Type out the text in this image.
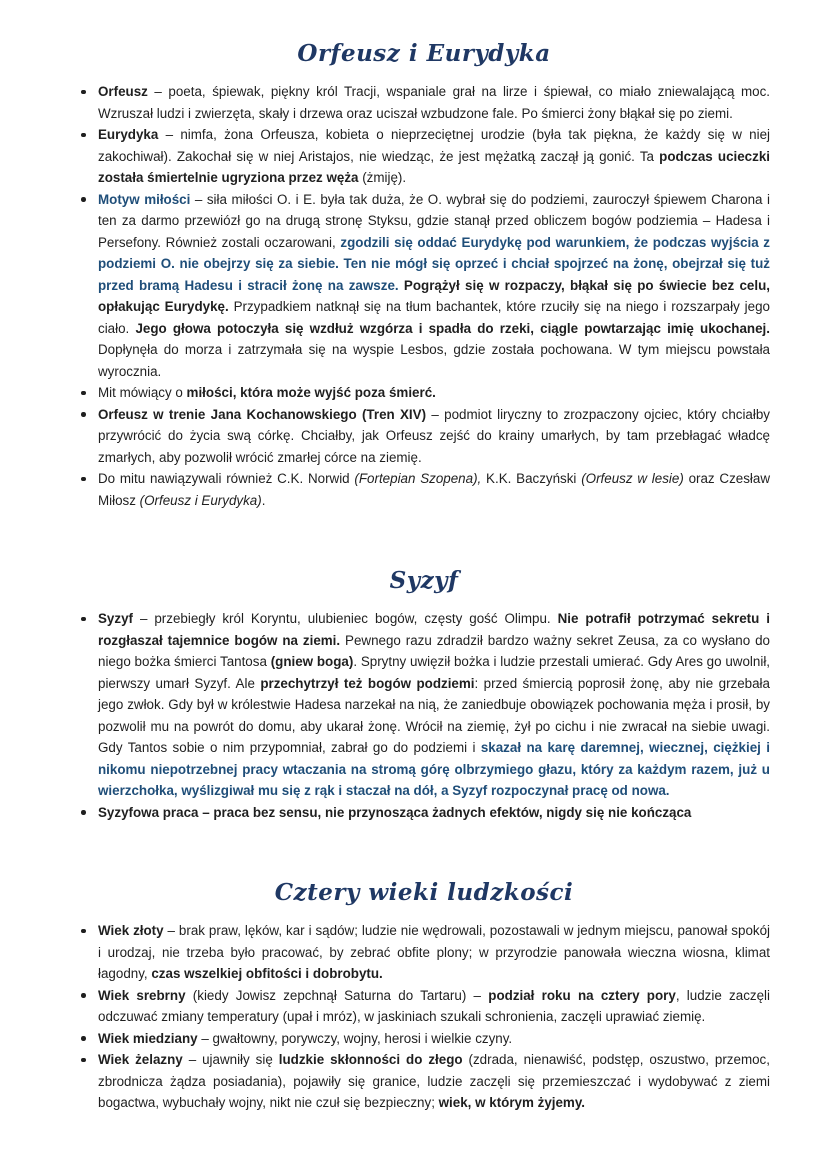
Orfeusz i Eurydyka
Orfeusz – poeta, śpiewak, piękny król Tracji, wspaniale grał na lirze i śpiewał, co miało zniewalającą moc. Wzruszał ludzi i zwierzęta, skały i drzewa oraz uciszał wzbudzone fale. Po śmierci żony błąkał się po ziemi.
Eurydyka – nimfa, żona Orfeusza, kobieta o nieprzeciętnej urodzie (była tak piękna, że każdy się w niej zakochiwał). Zakochał się w niej Aristajos, nie wiedząc, że jest mężatką zaczął ją gonić. Ta podczas ucieczki została śmiertelnie ugryziona przez węża (żmiję).
Motyw miłości – siła miłości O. i E. była tak duża, że O. wybrał się do podziemi, zauroczył śpiewem Charona i ten za darmo przewiózł go na drugą stronę Styksu, gdzie stanął przed obliczem bogów podziemia – Hadesa i Persefony. Również zostali oczarowani, zgodzili się oddać Eurydykę pod warunkiem, że podczas wyjścia z podziemi O. nie obejrzy się za siebie. Ten nie mógł się oprzeć i chciał spojrzeć na żonę, obejrzał się tuż przed bramą Hadesu i stracił żonę na zawsze. Pogrążył się w rozpaczy, błąkał się po świecie bez celu, opłakując Eurydykę. Przypadkiem natknął się na tłum bachantek, które rzuciły się na niego i rozszarpały jego ciało. Jego głowa potoczyła się wzdłuż wzgórza i spadła do rzeki, ciągle powtarzając imię ukochanej. Dopłynęła do morza i zatrzymała się na wyspie Lesbos, gdzie została pochowana. W tym miejscu powstała wyrocznia.
Mit mówiący o miłości, która może wyjść poza śmierć.
Orfeusz w trenie Jana Kochanowskiego (Tren XIV) – podmiot liryczny to zrozpaczony ojciec, który chciałby przywrócić do życia swą córkę. Chciałby, jak Orfeusz zejść do krainy umarłych, by tam przebłagać władcę zmarłych, aby pozwolił wrócić zmarłej córce na ziemię.
Do mitu nawiązywali również C.K. Norwid (Fortepian Szopena), K.K. Baczyński (Orfeusz w lesie) oraz Czesław Miłosz (Orfeusz i Eurydyka).
Syzyf
Syzyf – przebiegły król Koryntu, ulubieniec bogów, częsty gość Olimpu. Nie potrafił potrzymać sekretu i rozgłaszał tajemnice bogów na ziemi. Pewnego razu zdradził bardzo ważny sekret Zeusa, za co wysłano do niego bożka śmierci Tantosa (gniew boga). Sprytny uwięził bożka i ludzie przestali umierać. Gdy Ares go uwolnił, pierwszy umarł Syzyf. Ale przechytrzył też bogów podziemi: przed śmiercią poprosił żonę, aby nie grzebała jego zwłok. Gdy był w królestwie Hadesa narzekał na nią, że zaniedbuje obowiązek pochowania męża i prosił, by pozwolił mu na powrót do domu, aby ukarał żonę. Wrócił na ziemię, żył po cichu i nie zwracał na siebie uwagi. Gdy Tantos sobie o nim przypomniał, zabrał go do podziemi i skazał na karę daremnej, wiecznej, ciężkiej i nikomu niepotrzebnej pracy wtaczania na stromą górę olbrzymiego głazu, który za każdym razem, już u wierzchołka, wyślizgiwał mu się z rąk i staczał na dół, a Syzyf rozpoczynał pracę od nowa.
Syzyfowa praca – praca bez sensu, nie przynosząca żadnych efektów, nigdy się nie kończąca
Cztery wieki ludzkości
Wiek złoty – brak praw, lęków, kar i sądów; ludzie nie wędrowali, pozostawali w jednym miejscu, panował spokój i urodzaj, nie trzeba było pracować, by zebrać obfite plony; w przyrodzie panowała wieczna wiosna, klimat łagodny, czas wszelkiej obfitości i dobrobytu.
Wiek srebrny (kiedy Jowisz zepchnął Saturna do Tartaru) – podział roku na cztery pory, ludzie zaczęli odczuwać zmiany temperatury (upał i mróz), w jaskiniach szukali schronienia, zaczęli uprawiać ziemię.
Wiek miedziany – gwałtowny, porywczy, wojny, herosi i wielkie czyny.
Wiek żelazny – ujawniły się ludzkie skłonności do złego (zdrada, nienawiść, podstęp, oszustwo, przemoc, zbrodnicza żądza posiadania), pojawiły się granice, ludzie zaczęli się przemieszczać i wydobywać z ziemi bogactwa, wybuchały wojny, nikt nie czuł się bezpieczny; wiek, w którym żyjemy.
